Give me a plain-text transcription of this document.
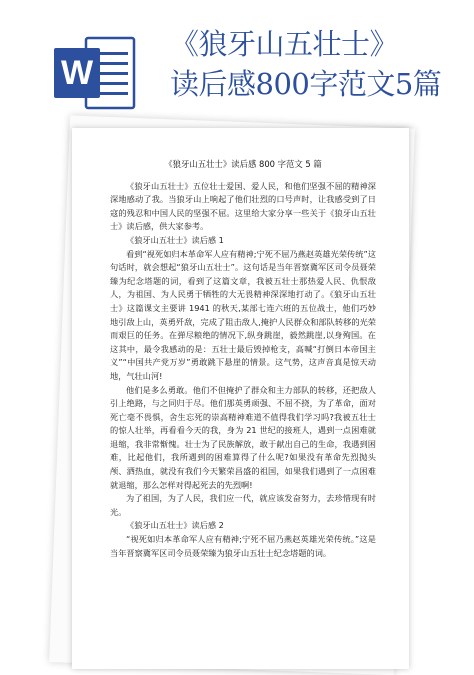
W
《狼牙山五壮士》
读后感800字范文5篇
《狼牙山五壮士》读后感 800 字范文 5 篇

《狼牙山五壮士》五位壮士爱国、爱人民，和他们坚强不屈的精神深深地感动了我。当狼牙山上响起了他们壮烈的口号声时，让我感受到了日寇的残忍和中国人民的坚强不屈。这里给大家分享一些关于《狼牙山五壮士》读后感，供大家参考。

《狼牙山五壮士》读后感 1

看到“视死如归本革命军人应有精神;宁死不屈乃燕赵英雄光荣传统”这句话时，就会想起“狼牙山五壮士”。这句话是当年晋察冀军区司令员聂荣臻为纪念塔题的词，看到了这篇文章，我被五壮士那热爱人民、仇恨敌人，为祖国、为人民勇于牺牲的大无畏精神深深地打动了。《狼牙山五壮士》这篇课文主要讲 1941 的秋天,某部七连六班的五位战士，他们巧妙地引敌上山，英勇歼敌，完成了阻击敌人,掩护人民群众和部队转移的光荣而艰巨的任务。在弹尽粮绝的情况下,纵身跳崖，毅然跳崖,以身殉国。在这其中，最令我感动的是：五壮士最后毁掉枪支，高喊“打倒日本帝国主义”“中国共产党万岁”勇敢跳下悬崖的情景。这气势，这声音真是惊天动地，气壮山河!

他们是多么勇敢。他们不但掩护了群众和主力部队的转移，还把敌人引上绝路，与之同归于尽。他们那英勇顽强、不屈不挠，为了革命，面对死亡毫不畏惧，舍生忘死的崇高精神难道不值得我们学习吗?我被五壮士的惊人壮举，再看看今天的我，身为 21 世纪的接班人，遇到一点困难就退缩，我非常惭愧。壮士为了民族解放，敢于献出自己的生命，我遇到困难，比起他们，我所遇到的困难算得了什么呢?如果没有革命先烈抛头颅、洒热血，就没有我们今天繁荣昌盛的祖国，如果我们遇到了一点困难就退缩，那么怎样对得起死去的先烈啊!

为了祖国，为了人民，我们应一代，就应该发奋努力，去珍惜现有时光。

《狼牙山五壮士》读后感 2

“视死如归本革命军人应有精神;宁死不屈乃燕赵英雄光荣传统。”这是当年晋察冀军区司令员聂荣臻为狼牙山五壮士纪念塔题的词。
